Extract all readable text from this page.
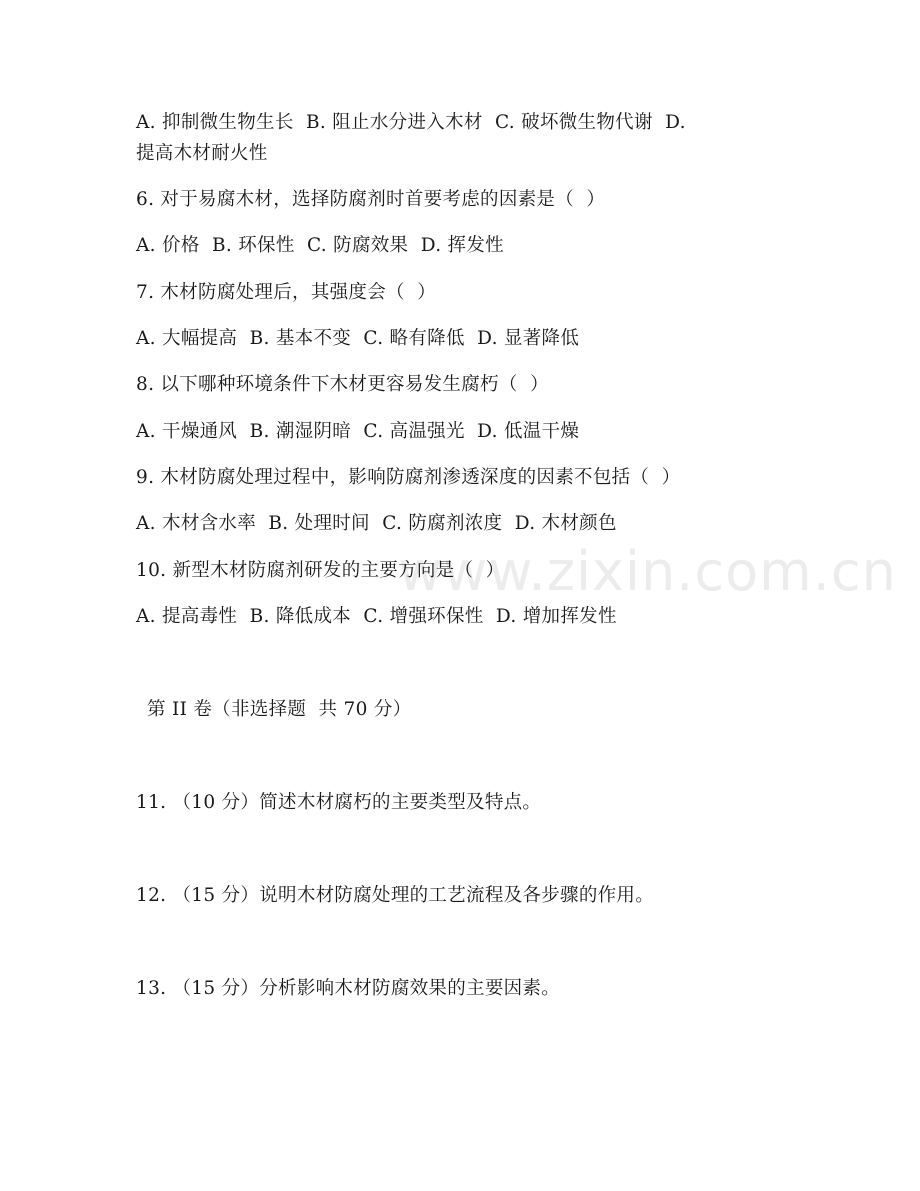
www.zixin.com.cn
A. 抑制微生物生长  B. 阻止水分进入木材  C. 破坏微生物代谢  D.
提高木材耐火性
6. 对于易腐木材，选择防腐剂时首要考虑的因素是（  ）
A. 价格  B. 环保性  C. 防腐效果  D. 挥发性
7. 木材防腐处理后，其强度会（  ）
A. 大幅提高  B. 基本不变  C. 略有降低  D. 显著降低
8. 以下哪种环境条件下木材更容易发生腐朽（  ）
A. 干燥通风  B. 潮湿阴暗  C. 高温强光  D. 低温干燥
9. 木材防腐处理过程中，影响防腐剂渗透深度的因素不包括（  ）
A. 木材含水率  B. 处理时间  C. 防腐剂浓度  D. 木材颜色
10. 新型木材防腐剂研发的主要方向是（  ）
A. 提高毒性  B. 降低成本  C. 增强环保性  D. 增加挥发性
第 II 卷（非选择题  共 70 分）
11. （10 分）简述木材腐朽的主要类型及特点。
12. （15 分）说明木材防腐处理的工艺流程及各步骤的作用。
13. （15 分）分析影响木材防腐效果的主要因素。
